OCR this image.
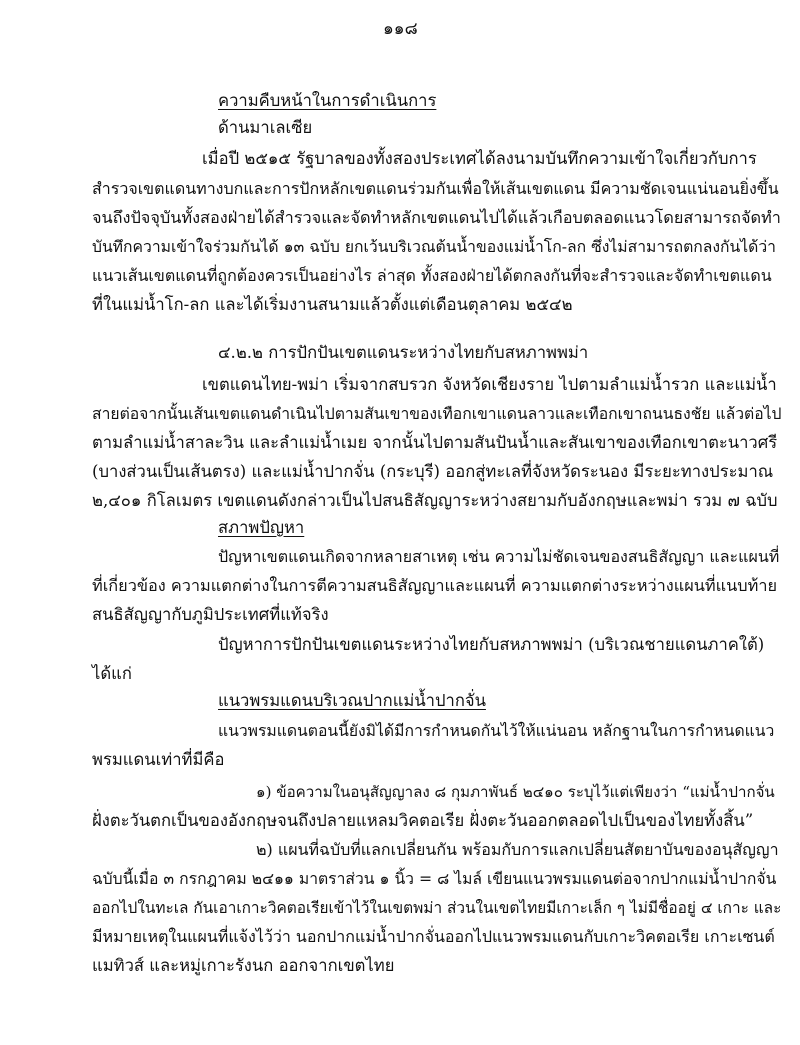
๑๑๘
ความคืบหน้าในการดำเนินการ
ด้านมาเลเซีย
เมื่อปี ๒๕๑๕ รัฐบาลของทั้งสองประเทศได้ลงนามบันทึกความเข้าใจเกี่ยวกับการ
สำรวจเขตแดนทางบกและการปักหลักเขตแดนร่วมกันเพื่อให้เส้นเขตแดน มีความชัดเจนแน่นอนยิ่งขึ้น
จนถึงปัจจุบันทั้งสองฝ่ายได้สำรวจและจัดทำหลักเขตแดนไปได้แล้วเกือบตลอดแนวโดยสามารถจัดทำ
บันทึกความเข้าใจร่วมกันได้ ๑๓ ฉบับ ยกเว้นบริเวณต้นน้ำของแม่น้ำโก-ลก ซึ่งไม่สามารถตกลงกันได้ว่า
แนวเส้นเขตแดนที่ถูกต้องควรเป็นอย่างไร ล่าสุด ทั้งสองฝ่ายได้ตกลงกันที่จะสำรวจและจัดทำเขตแดน
ที่ในแม่น้ำโก-ลก และได้เริ่มงานสนามแล้วตั้งแต่เดือนตุลาคม ๒๕๔๒
๔.๒.๒ การปักปันเขตแดนระหว่างไทยกับสหภาพพม่า
เขตแดนไทย-พม่า เริ่มจากสบรวก จังหวัดเชียงราย ไปตามลำแม่น้ำรวก และแม่น้ำ
สายต่อจากนั้นเส้นเขตแดนดำเนินไปตามสันเขาของเทือกเขาแดนลาวและเทือกเขาถนนธงชัย แล้วต่อไป
ตามลำแม่น้ำสาละวิน และลำแม่น้ำเมย จากนั้นไปตามสันปันน้ำและสันเขาของเทือกเขาตะนาวศรี
(บางส่วนเป็นเส้นตรง) และแม่น้ำปากจั่น (กระบุรี) ออกสู่ทะเลที่จังหวัดระนอง มีระยะทางประมาณ
๒,๔๐๑ กิโลเมตร เขตแดนดังกล่าวเป็นไปสนธิสัญญาระหว่างสยามกับอังกฤษและพม่า รวม ๗ ฉบับ
สภาพปัญหา
ปัญหาเขตแดนเกิดจากหลายสาเหตุ เช่น ความไม่ชัดเจนของสนธิสัญญา และแผนที่
ที่เกี่ยวข้อง ความแตกต่างในการตีความสนธิสัญญาและแผนที่ ความแตกต่างระหว่างแผนที่แนบท้าย
สนธิสัญญากับภูมิประเทศที่แท้จริง
ปัญหาการปักปันเขตแดนระหว่างไทยกับสหภาพพม่า (บริเวณชายแดนภาคใต้)
ได้แก่
แนวพรมแดนบริเวณปากแม่น้ำปากจั่น
แนวพรมแดนตอนนี้ยังมิได้มีการกำหนดกันไว้ให้แน่นอน หลักฐานในการกำหนดแนว
พรมแดนเท่าที่มีคือ
๑) ข้อความในอนุสัญญาลง ๘ กุมภาพันธ์ ๒๔๑๐ ระบุไว้แต่เพียงว่า “แม่น้ำปากจั่น
ฝั่งตะวันตกเป็นของอังกฤษจนถึงปลายแหลมวิคตอเรีย ฝั่งตะวันออกตลอดไปเป็นของไทยทั้งสิ้น”
๒) แผนที่ฉบับที่แลกเปลี่ยนกัน พร้อมกับการแลกเปลี่ยนสัตยาบันของอนุสัญญา
ฉบับนี้เมื่อ ๓ กรกฎาคม ๒๔๑๑ มาตราส่วน ๑ นิ้ว = ๘ ไมล์ เขียนแนวพรมแดนต่อจากปากแม่น้ำปากจั่น
ออกไปในทะเล กันเอาเกาะวิคตอเรียเข้าไว้ในเขตพม่า ส่วนในเขตไทยมีเกาะเล็ก ๆ ไม่มีชื่ออยู่ ๔ เกาะ และ
มีหมายเหตุในแผนที่แจ้งไว้ว่า นอกปากแม่น้ำปากจั่นออกไปแนวพรมแดนกับเกาะวิคตอเรีย เกาะเซนต์
แมทิวส์ และหมู่เกาะรังนก ออกจากเขตไทย
